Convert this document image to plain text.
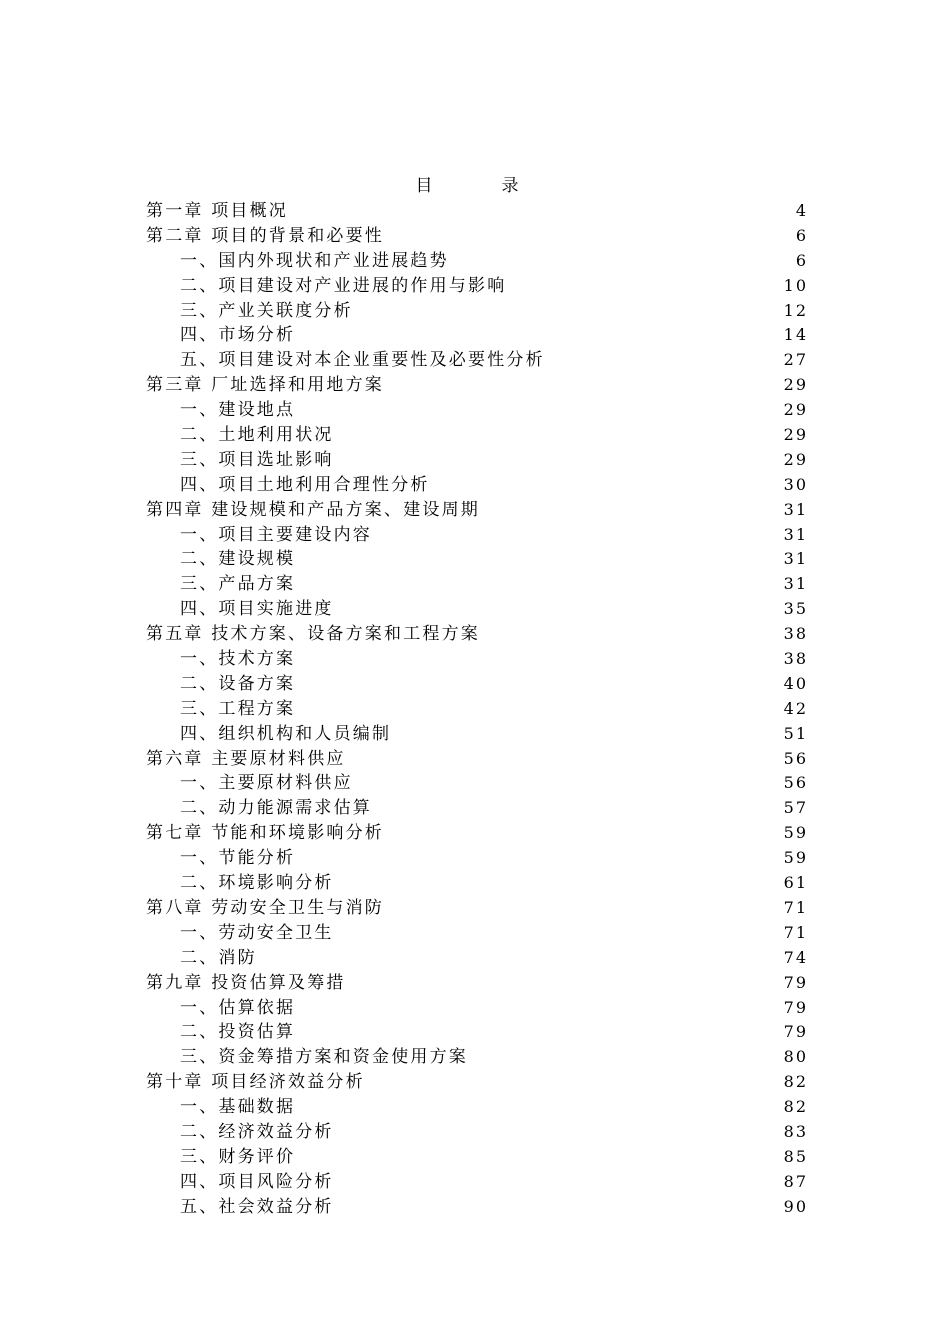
目　录
第一章 项目概况	4
第二章 项目的背景和必要性	6
一、国内外现状和产业进展趋势	6
二、项目建设对产业进展的作用与影响	10
三、产业关联度分析	12
四、市场分析	14
五、项目建设对本企业重要性及必要性分析	27
第三章 厂址选择和用地方案	29
一、建设地点	29
二、土地利用状况	29
三、项目选址影响	29
四、项目土地利用合理性分析	30
第四章 建设规模和产品方案、建设周期	31
一、项目主要建设内容	31
二、建设规模	31
三、产品方案	31
四、项目实施进度	35
第五章 技术方案、设备方案和工程方案	38
一、技术方案	38
二、设备方案	40
三、工程方案	42
四、组织机构和人员编制	51
第六章 主要原材料供应	56
一、主要原材料供应	56
二、动力能源需求估算	57
第七章 节能和环境影响分析	59
一、节能分析	59
二、环境影响分析	61
第八章 劳动安全卫生与消防	71
一、劳动安全卫生	71
二、消防	74
第九章 投资估算及筹措	79
一、估算依据	79
二、投资估算	79
三、资金筹措方案和资金使用方案	80
第十章 项目经济效益分析	82
一、基础数据	82
二、经济效益分析	83
三、财务评价	85
四、项目风险分析	87
五、社会效益分析	90
